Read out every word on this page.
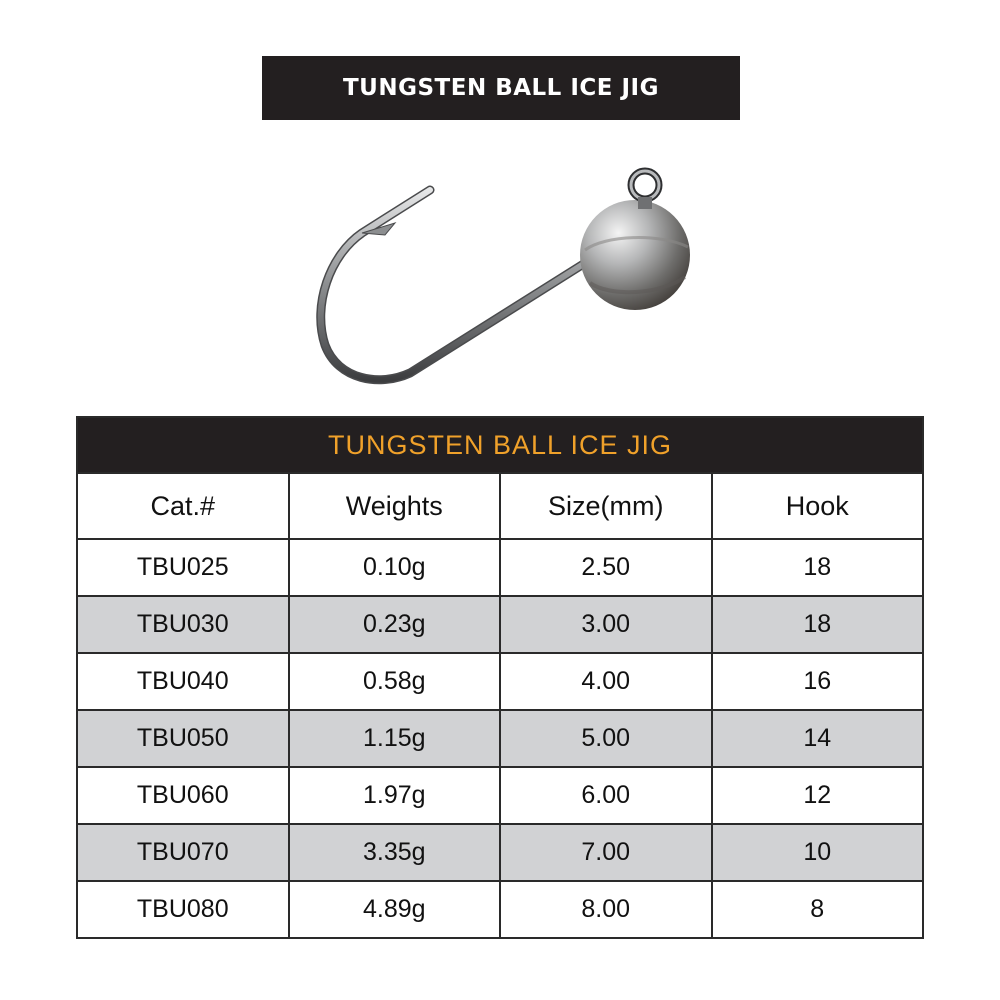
TUNGSTEN BALL ICE JIG
TUNGSTEN BALL ICE JIG			
Cat.#	Weights	Size(mm)	Hook
TBU025	0.10g	2.50	18
TBU030	0.23g	3.00	18
TBU040	0.58g	4.00	16
TBU050	1.15g	5.00	14
TBU060	1.97g	6.00	12
TBU070	3.35g	7.00	10
TBU080	4.89g	8.00	8
